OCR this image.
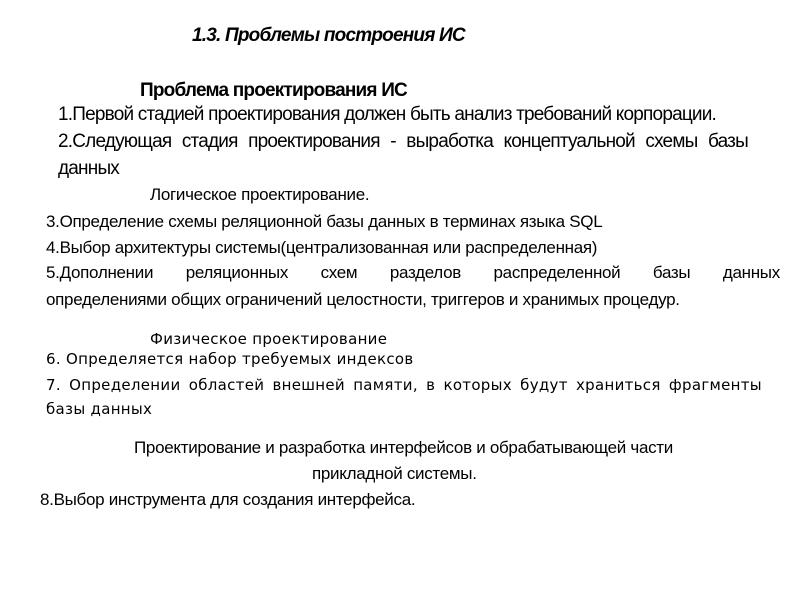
1.3. Проблемы построения ИС
Проблема проектирования ИС
1.Первой стадией проектирования должен быть анализ требований корпорации.
2.Следующая стадия проектирования - выработка концептуальной схемы базы
данных
Логическое проектирование.
3.Определение схемы реляционной базы данных в терминах языка SQL
4.Выбор архитектуры системы(централизованная или распределенная)
5.Дополнении реляционных схем разделов распределенной базы данных
определениями общих ограничений целостности, триггеров и хранимых процедур.
Физическое проектирование
6. Определяется набор требуемых индексов
7. Определении областей внешней памяти, в которых будут храниться фрагменты
базы данных
Проектирование и разработка интерфейсов и обрабатывающей части
прикладной системы.
8.Выбор инструмента для создания интерфейса.
